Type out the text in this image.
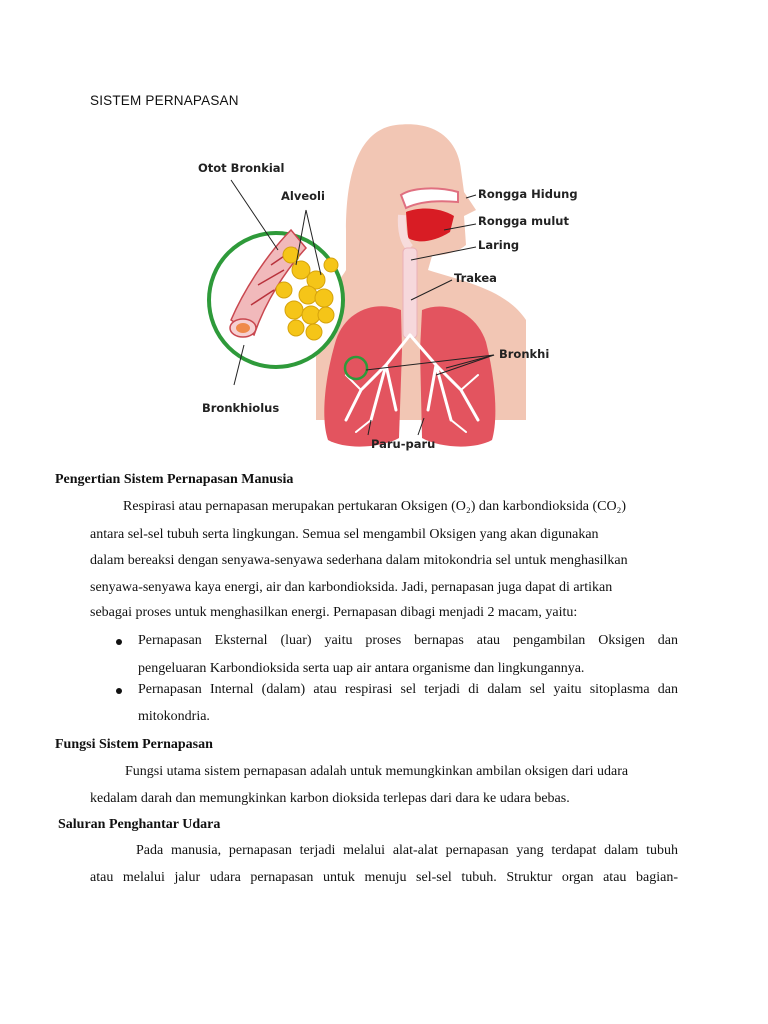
SISTEM PERNAPASAN
Otot Bronkial
Alveoli
Bronkhiolus
Rongga Hidung
Rongga mulut
Laring
Trakea
Bronkhi
Paru-paru
Pengertian Sistem Pernapasan Manusia
Respirasi atau pernapasan merupakan pertukaran Oksigen (O₂) dan karbondioksida (CO₂)
antara sel-sel tubuh serta lingkungan. Semua sel mengambil Oksigen yang akan digunakan
dalam bereaksi dengan senyawa-senyawa sederhana dalam mitokondria sel untuk menghasilkan
senyawa-senyawa kaya energi, air dan karbondioksida. Jadi, pernapasan juga dapat di artikan
sebagai proses untuk menghasilkan energi. Pernapasan dibagi menjadi 2 macam, yaitu:
Pernapasan Eksternal (luar) yaitu proses bernapas atau pengambilan Oksigen dan
pengeluaran Karbondioksida serta uap air antara organisme dan lingkungannya.
Pernapasan Internal (dalam) atau respirasi sel terjadi di dalam sel yaitu sitoplasma dan
mitokondria.
Fungsi Sistem Pernapasan
Fungsi utama sistem pernapasan adalah untuk memungkinkan ambilan oksigen dari udara
kedalam darah dan memungkinkan karbon dioksida terlepas dari dara ke udara bebas.
Saluran Penghantar Udara
Pada manusia, pernapasan terjadi melalui alat-alat pernapasan yang terdapat dalam tubuh
atau melalui jalur udara pernapasan untuk menuju sel-sel tubuh. Struktur organ atau bagian-
